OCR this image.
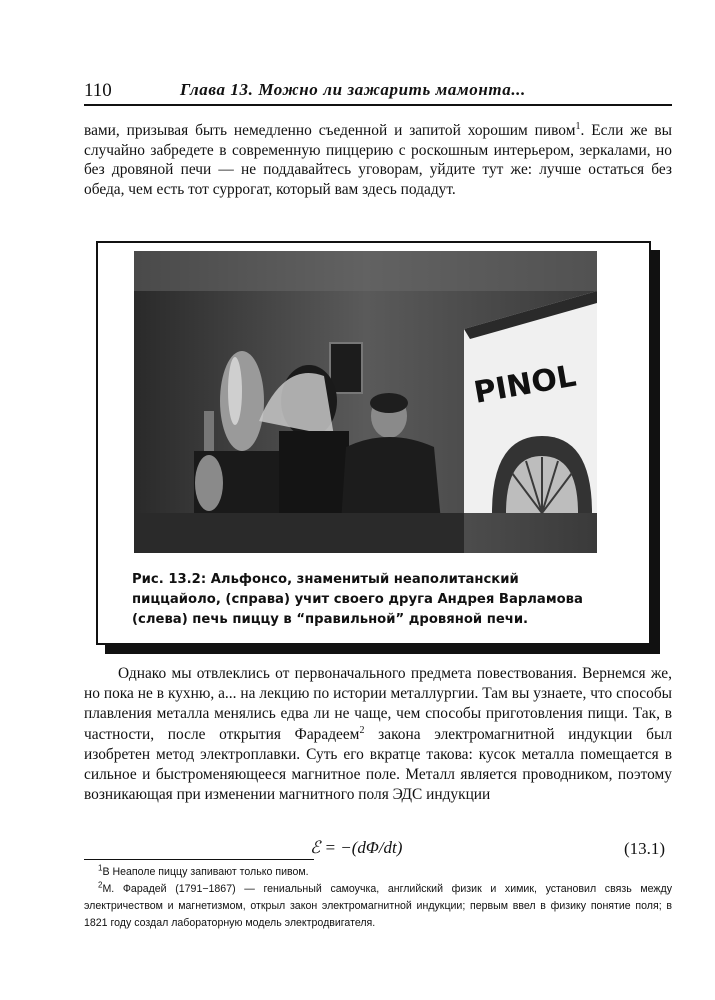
110	Глава 13. Можно ли зажарить мамонта...
вами, призывая быть немедленно съеденной и запитой хорошим пивом$^1$. Если же вы случайно забредете в современную пиццерию с роскошным интерьером, зеркалами, но без дровяной печи — не поддавайтесь уговорам, уйдите тут же: лучше остаться без обеда, чем есть тот суррогат, который вам здесь подадут.
PINOL
Рис. 13.2: Альфонсо, знаменитый неаполитанский пиццайоло, (справа) учит своего друга Андрея Варламова (слева) печь пиццу в “правильной” дровяной печи.
Однако мы отвлеклись от первоначального предмета повествования. Вернемся же, но пока не в кухню, а... на лекцию по истории металлургии. Там вы узнаете, что способы плавления металла менялись едва ли не чаще, чем способы приготовления пищи. Так, в частности, после открытия Фарадеем$^2$ закона электромагнитной индукции был изобретен метод электроплавки. Суть его вкратце такова: кусок металла помещается в сильное и быстроменяющееся магнитное поле. Металл является проводником, поэтому возникающая при изменении магнитного поля ЭДС индукции
ℰ = −(dΦ/dt)	(13.1)
$^1$В Неаполе пиццу запивают только пивом.
$^2$М. Фарадей (1791−1867) — гениальный самоучка, английский физик и химик, установил связь между электричеством и магнетизмом, открыл закон электромагнитной индукции; первым ввел в физику понятие поля; в 1821 году создал лабораторную модель электродвигателя.
